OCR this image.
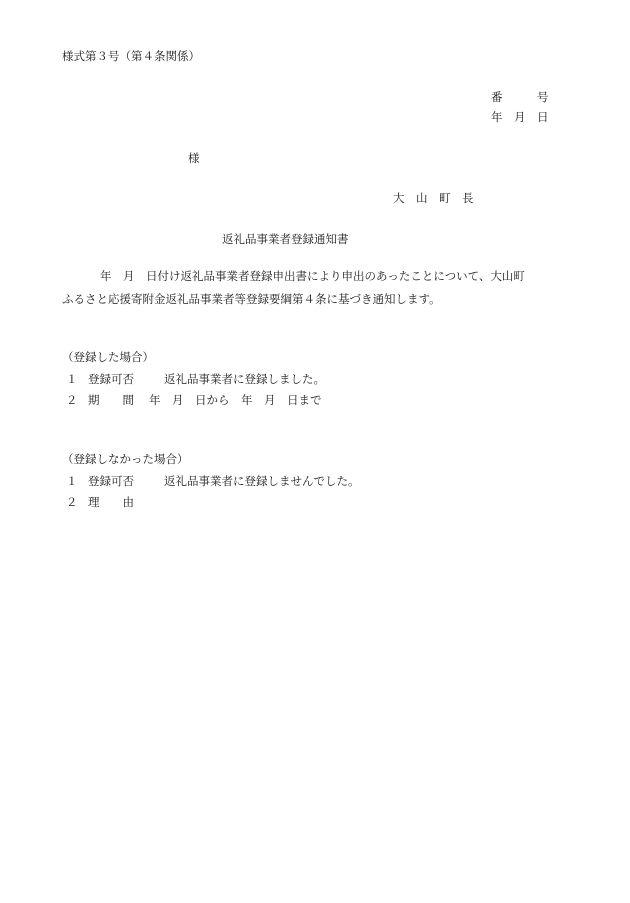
様式第３号（第４条関係）
番　　　号
年　月　日
様
大　山　町　長
返礼品事業者登録通知書
年　月　日付け返礼品事業者登録申出書により申出のあったことについて、大山町
ふるさと応援寄附金返礼品事業者等登録要綱第４条に基づき通知します。
（登録した場合）
１ 登録可否	返礼品事業者に登録しました。
２ 期　　間 年　月　日から　年　月　日まで
（登録しなかった場合）
１ 登録可否	返礼品事業者に登録しませんでした。
２ 理　　由
